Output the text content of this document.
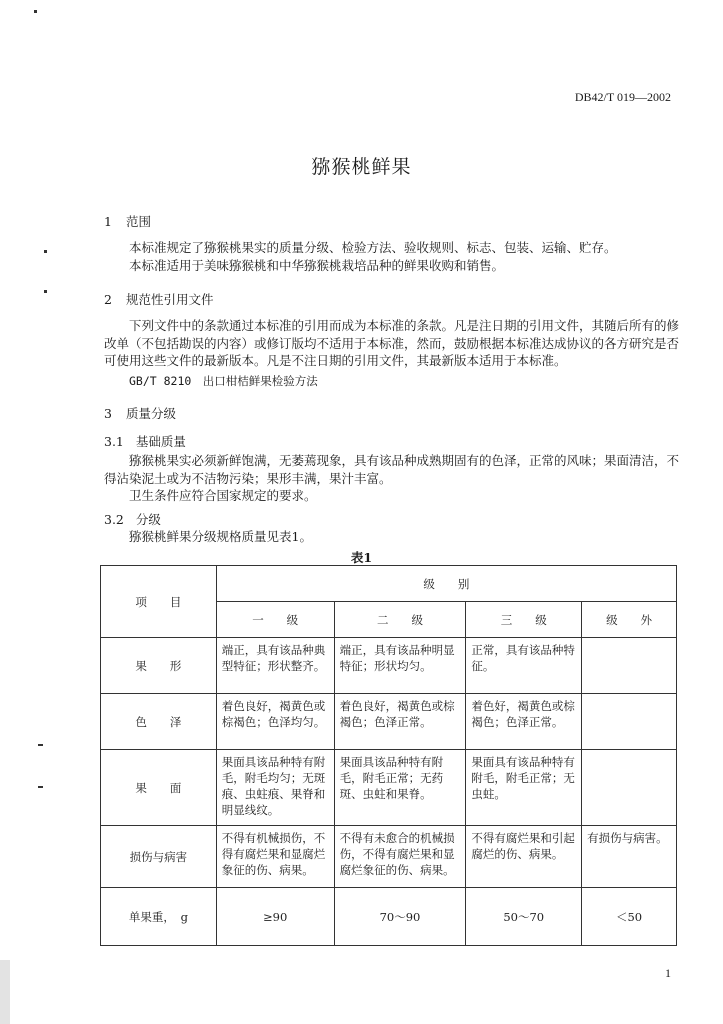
DB42/T 019—2002
猕猴桃鲜果
1 范围
本标准规定了猕猴桃果实的质量分级、检验方法、验收规则、标志、包装、运输、贮存。
本标准适用于美味猕猴桃和中华猕猴桃栽培品种的鲜果收购和销售。
2 规范性引用文件
下列文件中的条款通过本标准的引用而成为本标准的条款。凡是注日期的引用文件，其随后所有的修改单（不包括勘误的内容）或修订版均不适用于本标准，然而，鼓励根据本标准达成协议的各方研究是否可使用这些文件的最新版本。凡是不注日期的引用文件，其最新版本适用于本标准。
GB/T 8210　出口柑桔鲜果检验方法
3 质量分级
3.1 基础质量
猕猴桃果实必须新鲜饱满，无萎蔫现象，具有该品种成熟期固有的色泽，正常的风味；果面清洁，不得沾染泥土或为不洁物污染；果形丰满，果汁丰富。
卫生条件应符合国家规定的要求。
3.2 分级
猕猴桃鲜果分级规格质量见表1。
表1
项　　目	级　　别			
	一　　级	二　　级	三　　级	级　　外
果　　形	端正，具有该品种典型特征；形状整齐。	端正，具有该品种明显特征；形状均匀。	正常，具有该品种特征。	
色　　泽	着色良好，褐黄色或棕褐色；色泽均匀。	着色良好，褐黄色或棕褐色；色泽正常。	着色好，褐黄色或棕褐色；色泽正常。	
果　　面	果面具该品种特有附毛，附毛均匀；无斑痕、虫蛀痕、果脊和明显线纹。	果面具该品种特有附毛，附毛正常；无药斑、虫蛀和果脊。	果面具有该品种特有附毛，附毛正常；无虫蛀。	
损伤与病害	不得有机械损伤，不得有腐烂果和显腐烂象征的伤、病果。	不得有未愈合的机械损伤，不得有腐烂果和显腐烂象征的伤、病果。	不得有腐烂果和引起腐烂的伤、病果。	有损伤与病害。
单果重，　g	≥90	70～90	50～70	＜50
1
